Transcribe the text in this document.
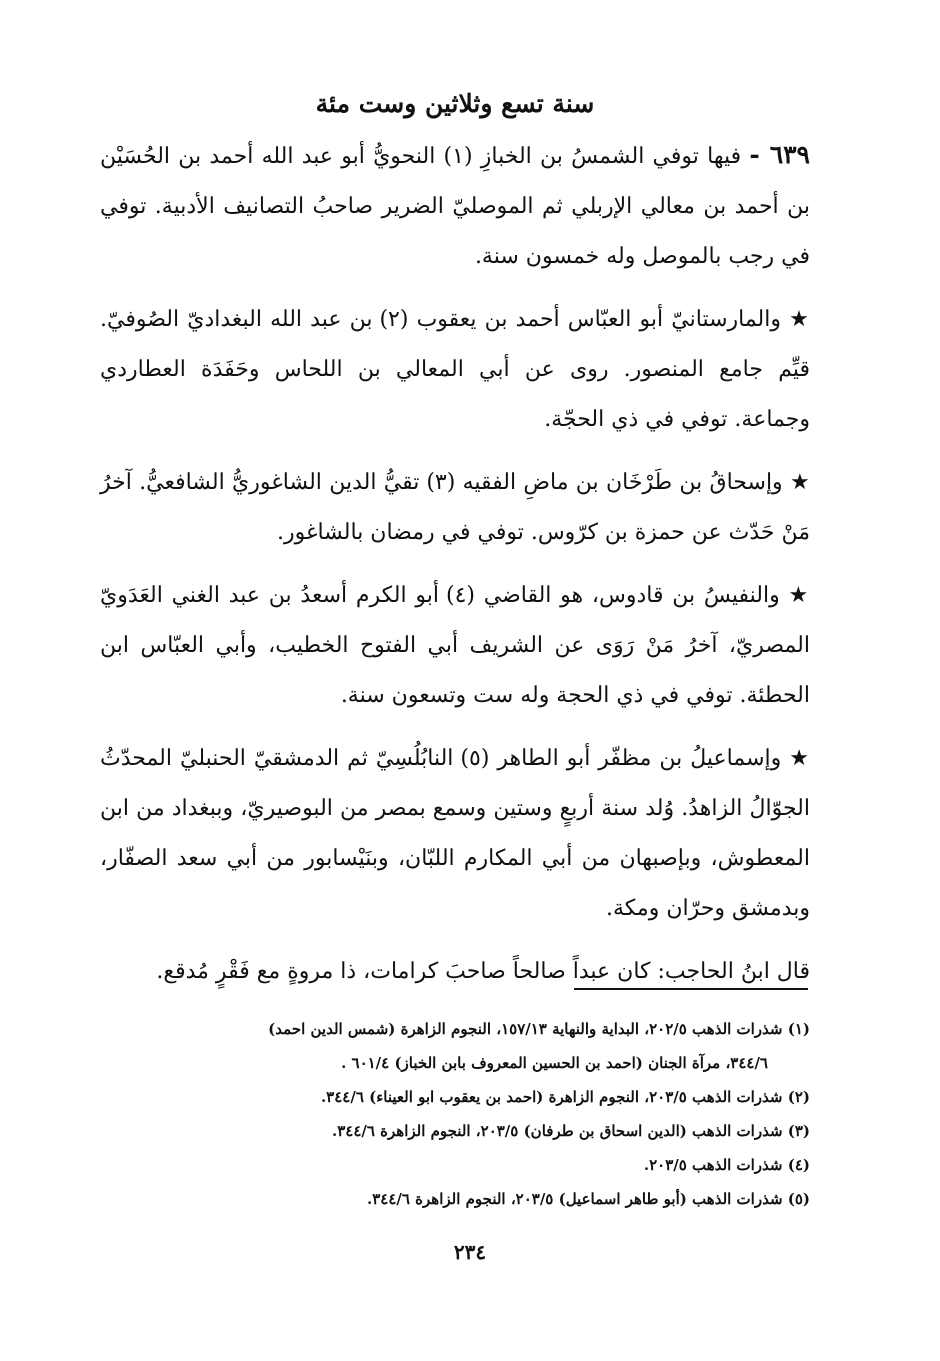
سنة تسع وثلاثين وست مئة

٦٣٩ - فيها توفي الشمسُ بن الخبازِ (١) النحويُّ أبو عبد الله أحمد بن الحُسَيْن بن أحمد بن معالي الإربلي ثم الموصليّ الضرير صاحبُ التصانيف الأدبية. توفي في رجب بالموصل وله خمسون سنة.

★ والمارستانيّ أبو العبّاس أحمد بن يعقوب (٢) بن عبد الله البغداديّ الصُوفيّ. قيِّم جامع المنصور. روى عن أبي المعالي بن اللحاس وحَفَدَة العطاردي وجماعة. توفي في ذي الحجّة.

★ وإسحاقُ بن طَرْخَان بن ماضِ الفقيه (٣) تقيُّ الدين الشاغوريُّ الشافعيُّ. آخرُ مَنْ حَدّث عن حمزة بن كرّوس. توفي في رمضان بالشاغور.

★ والنفيسُ بن قادوس، هو القاضي (٤) أبو الكرم أسعدُ بن عبد الغني العَدَويّ المصريّ، آخرُ مَنْ رَوَى عن الشريف أبي الفتوح الخطيب، وأبي العبّاس ابن الحطئة. توفي في ذي الحجة وله ست وتسعون سنة.

★ وإسماعيلُ بن مظفّر أبو الطاهر (٥) النابُلُسِيّ ثم الدمشقيّ الحنبليّ المحدّثُ الجوّالُ الزاهدُ. وُلد سنة أربعٍ وستين وسمع بمصر من البوصيريّ، وببغداد من ابن المعطوش، وبإصبهان من أبي المكارم اللبّان، وبنَيْسابور من أبي سعد الصفّار، وبدمشق وحرّان ومكة.

قال ابنُ الحاجب: كان عبداً صالحاً صاحبَ كرامات، ذا مروةٍ مع فَقْرٍ مُدقع.

(١) شذرات الذهب ٢٠٢/٥، البداية والنهاية ١٥٧/١٣، النجوم الزاهرة (شمس الدين احمد)

٣٤٤/٦، مرآة الجنان (احمد بن الحسين المعروف بابن الخباز) ٦٠١/٤ .

(٢) شذرات الذهب ٢٠٣/٥، النجوم الزاهرة (احمد بن يعقوب ابو العيناء) ٣٤٤/٦.

(٣) شذرات الذهب (الدين اسحاق بن طرفان) ٢٠٣/٥، النجوم الزاهرة ٣٤٤/٦.

(٤) شذرات الذهب ٢٠٣/٥.

(٥) شذرات الذهب (أبو طاهر اسماعيل) ٢٠٣/٥، النجوم الزاهرة ٣٤٤/٦.

٢٣٤
